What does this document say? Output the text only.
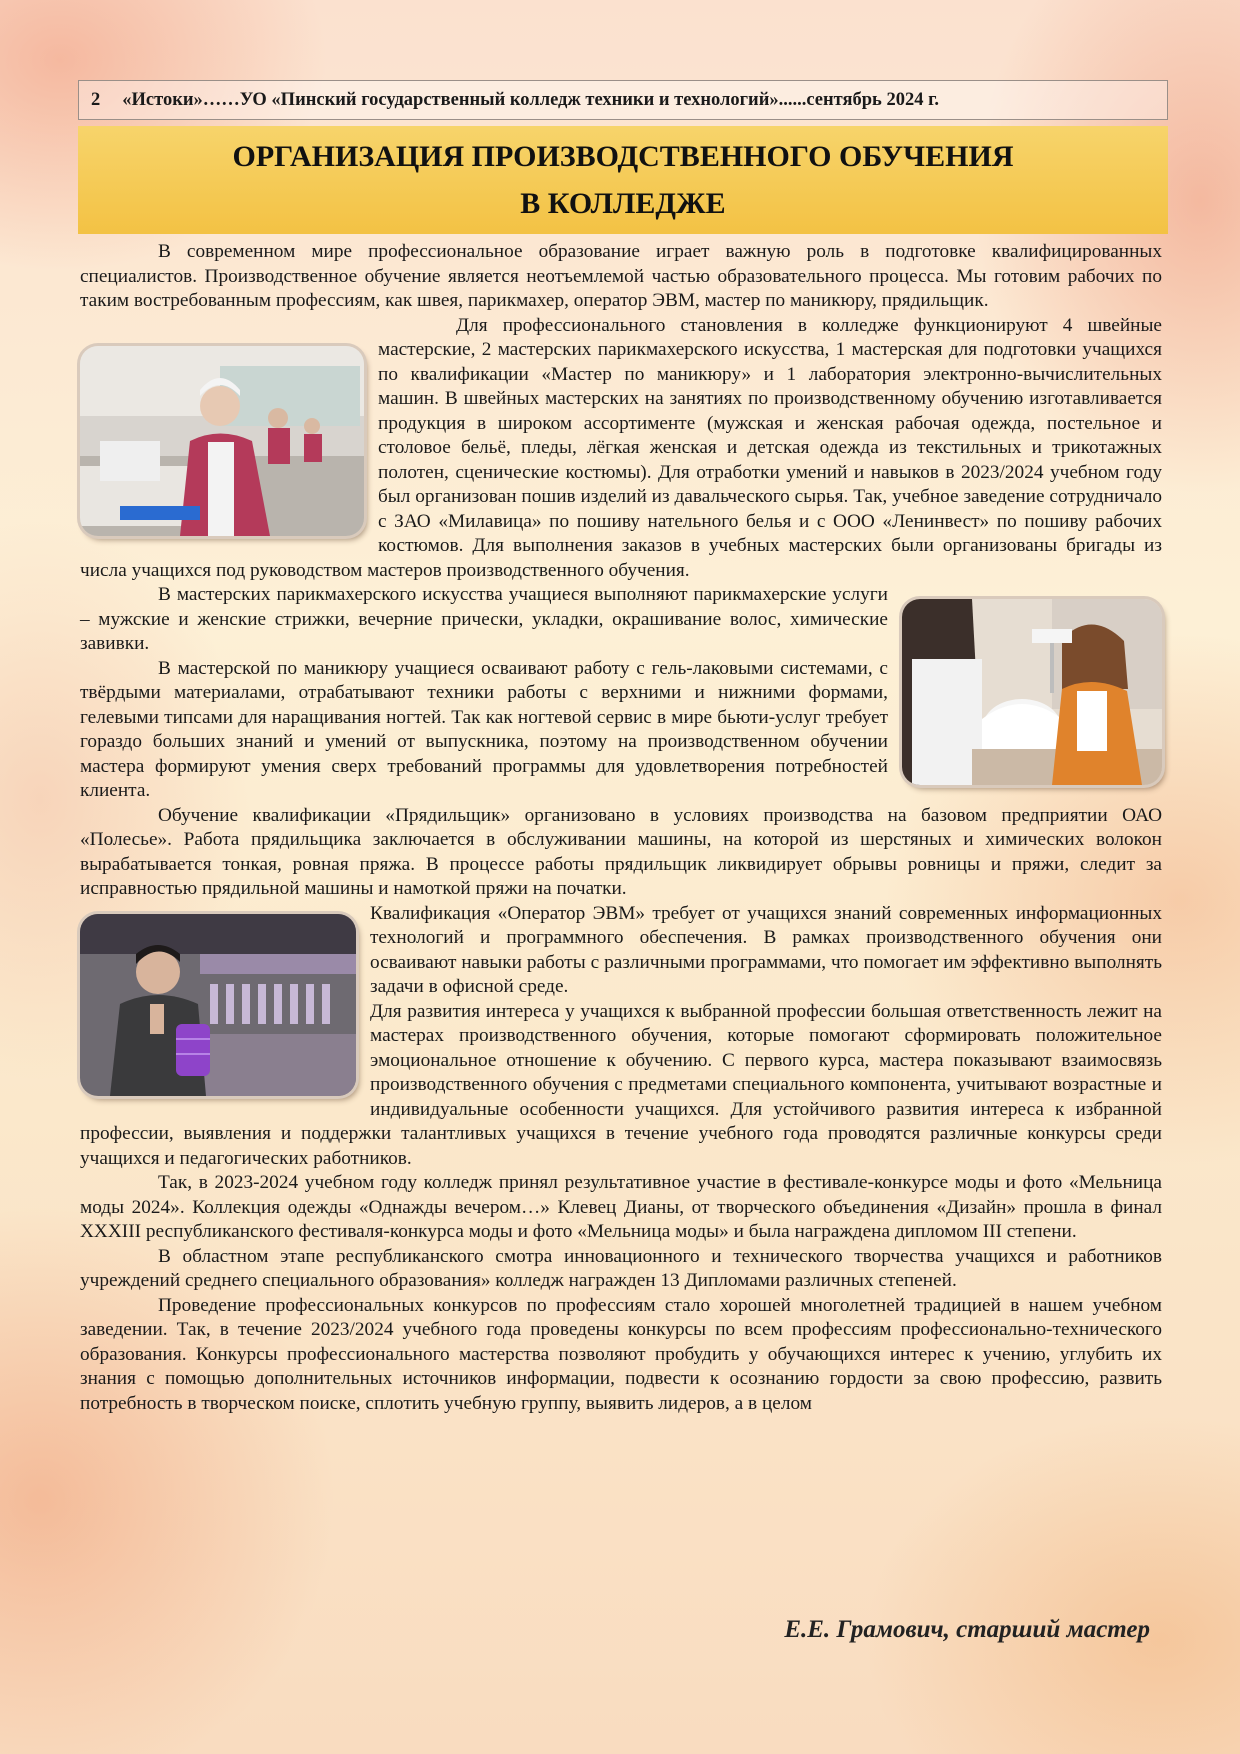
2 «Истоки»……УО «Пинский государственный колледж техники и технологий»......сентябрь 2024 г.
ОРГАНИЗАЦИЯ ПРОИЗВОДСТВЕННОГО ОБУЧЕНИЯ
В КОЛЛЕДЖЕ

В современном мире профессиональное образование играет важную роль в подготовке квалифицированных специалистов. Производственное обучение является неотъемлемой частью образовательного процесса. Мы готовим рабочих по таким востребованным профессиям, как швея, парикмахер, оператор ЭВМ, мастер по маникюру, прядильщик.

Для профессионального становления в колледже функционируют 4 швейные мастерские, 2 мастерских парикмахерского искусства, 1 мастерская для подготовки учащихся по квалификации «Мастер по маникюру» и 1 лаборатория электронно-вычислительных машин. В швейных мастерских на занятиях по производственному обучению изготавливается продукция в широком ассортименте (мужская и женская рабочая одежда, постельное и столовое бельё, пледы, лёгкая женская и детская одежда из текстильных и трикотажных полотен, сценические костюмы). Для отработки умений и навыков в 2023/2024 учебном году был организован пошив изделий из давальческого сырья. Так, учебное заведение сотрудничало с ЗАО «Милавица» по пошиву нательного белья и с ООО «Ленинвест» по пошиву рабочих костюмов. Для выполнения заказов в учебных мастерских были организованы бригады из числа учащихся под руководством мастеров производственного обучения.

В мастерских парикмахерского искусства учащиеся выполняют парикмахерские услуги – мужские и женские стрижки, вечерние прически, укладки, окрашивание волос, химические завивки.

В мастерской по маникюру учащиеся осваивают работу с гель-лаковыми системами, с твёрдыми материалами, отрабатывают техники работы с верхними и нижними формами, гелевыми типсами для наращивания ногтей. Так как ногтевой сервис в мире бьюти-услуг требует гораздо больших знаний и умений от выпускника, поэтому на производственном обучении мастера формируют умения сверх требований программы для удовлетворения потребностей клиента.

Обучение квалификации «Прядильщик» организовано в условиях производства на базовом предприятии ОАО «Полесье». Работа прядильщика заключается в обслуживании машины, на которой из шерстяных и химических волокон вырабатывается тонкая, ровная пряжа. В процессе работы прядильщик ликвидирует обрывы ровницы и пряжи, следит за исправностью прядильной машины и намоткой пряжи на початки.

Квалификация «Оператор ЭВМ» требует от учащихся знаний современных информационных технологий и программного обеспечения. В рамках производственного обучения они осваивают навыки работы с различными программами, что помогает им эффективно выполнять задачи в офисной среде.

Для развития интереса у учащихся к выбранной профессии большая ответственность лежит на мастерах производственного обучения, которые помогают сформировать положительное эмоциональное отношение к обучению. С первого курса, мастера показывают взаимосвязь производственного обучения с предметами специального компонента, учитывают возрастные и индивидуальные особенности учащихся. Для устойчивого развития интереса к избранной профессии, выявления и поддержки талантливых учащихся в течение учебного года проводятся различные конкурсы среди учащихся и педагогических работников.

Так, в 2023-2024 учебном году колледж принял результативное участие в фестивале-конкурсе моды и фото «Мельница моды 2024». Коллекция одежды «Однажды вечером…» Клевец Дианы, от творческого объединения «Дизайн» прошла в финал XXXIII республиканского фестиваля-конкурса моды и фото «Мельница моды» и была награждена дипломом III степени.

В областном этапе республиканского смотра инновационного и технического творчества учащихся и работников учреждений среднего специального образования» колледж награжден 13 Дипломами различных степеней.

Проведение профессиональных конкурсов по профессиям стало хорошей многолетней традицией в нашем учебном заведении. Так, в течение 2023/2024 учебного года проведены конкурсы по всем профессиям профессионально-технического образования. Конкурсы профессионального мастерства позволяют пробудить у обучающихся интерес к учению, углубить их знания с помощью дополнительных источников информации, подвести к осознанию гордости за свою профессию, развить потребность в творческом поиске, сплотить учебную группу, выявить лидеров, а в целом

Е.Е. Грамович, старший мастер
